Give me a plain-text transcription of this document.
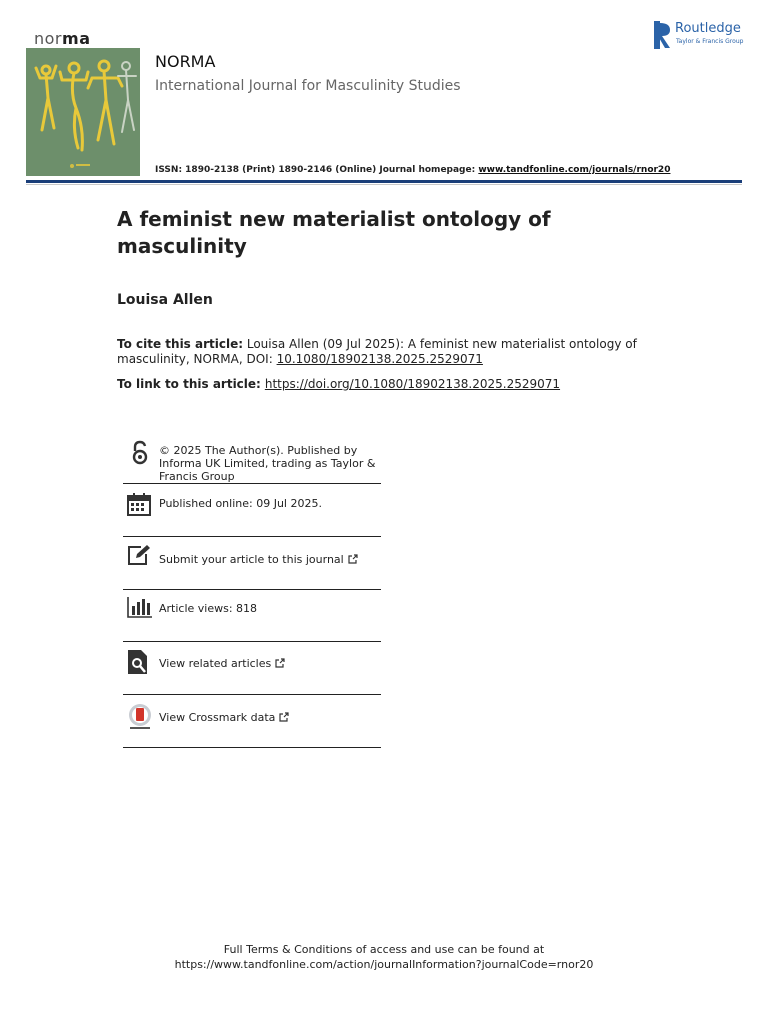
norma
NORMA
International Journal for Masculinity Studies
ISSN: 1890-2138 (Print) 1890-2146 (Online) Journal homepage: www.tandfonline.com/journals/rnor20
Routledge
Taylor & Francis Group
A feminist new materialist ontology of masculinity
Louisa Allen
To cite this article: Louisa Allen (09 Jul 2025): A feminist new materialist ontology of masculinity, NORMA, DOI: 10.1080/18902138.2025.2529071
To link to this article: https://doi.org/10.1080/18902138.2025.2529071
© 2025 The Author(s). Published by Informa UK Limited, trading as Taylor & Francis Group
Published online: 09 Jul 2025.
Submit your article to this journal
Article views: 818
View related articles
View Crossmark data
Full Terms & Conditions of access and use can be found at
https://www.tandfonline.com/action/journalInformation?journalCode=rnor20
